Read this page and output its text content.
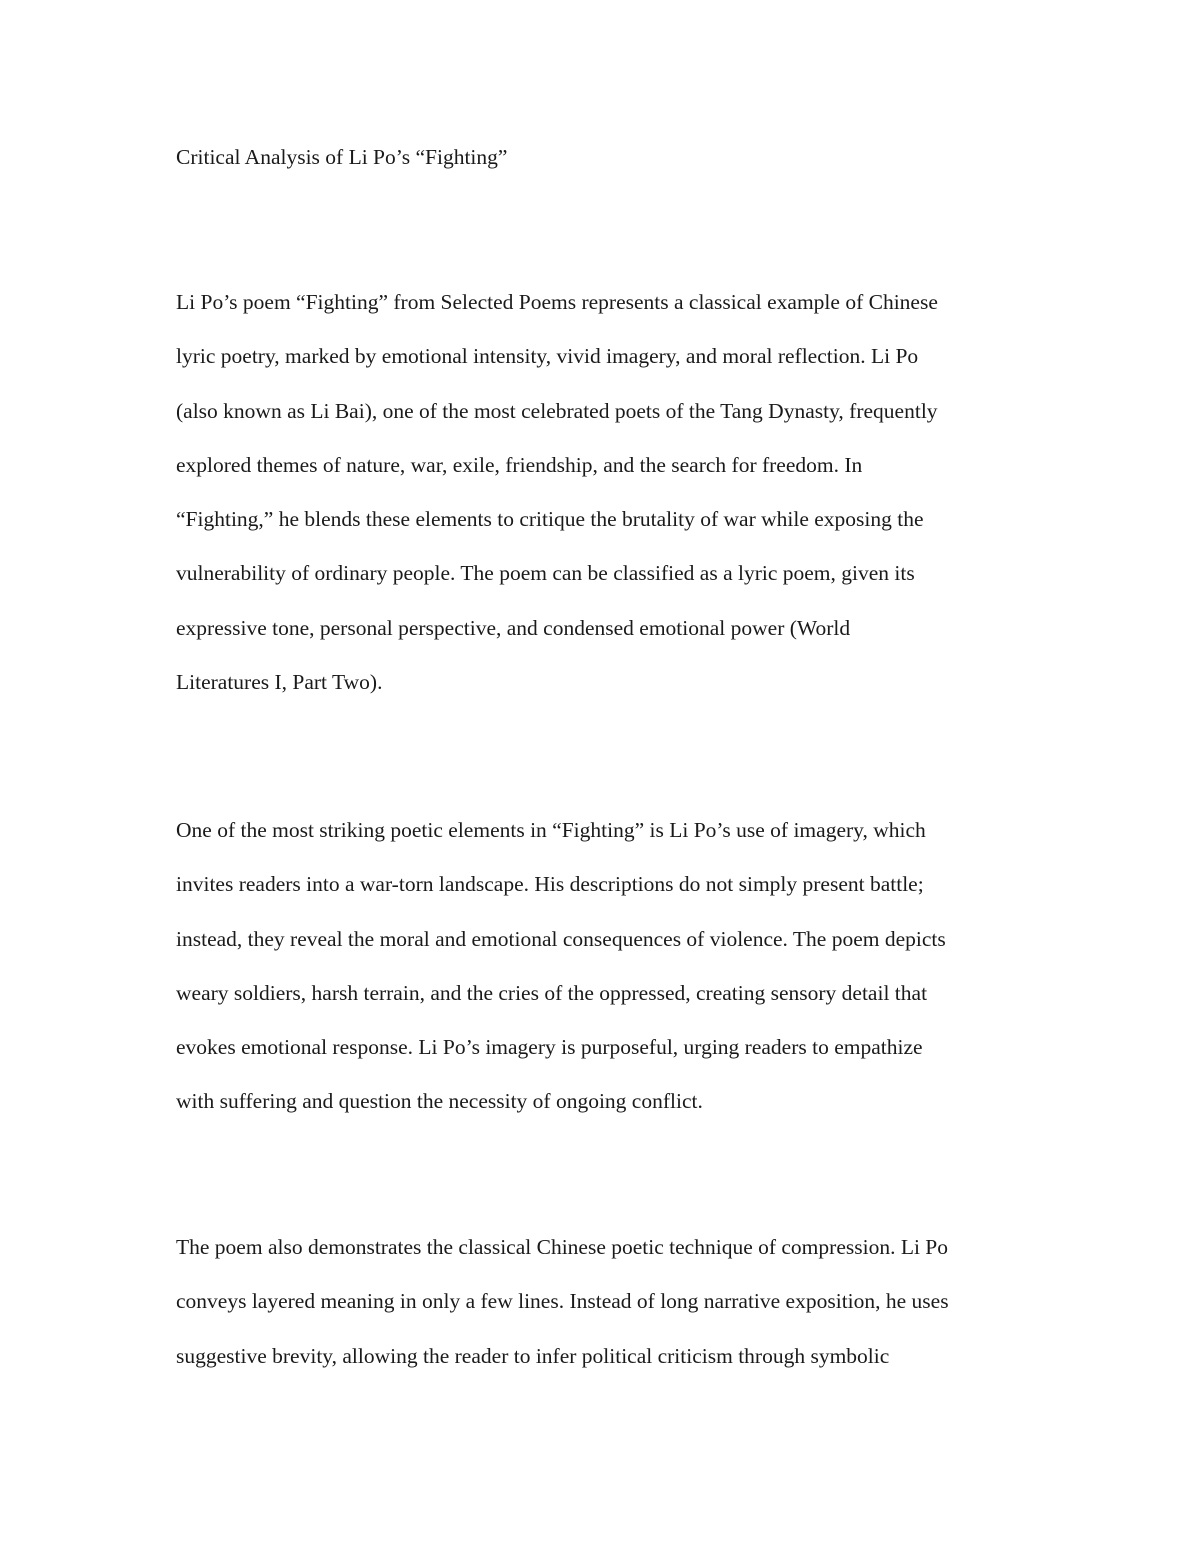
Critical Analysis of Li Po’s “Fighting”

Li Po’s poem “Fighting” from Selected Poems represents a classical example of Chinese
lyric poetry, marked by emotional intensity, vivid imagery, and moral reflection. Li Po
(also known as Li Bai), one of the most celebrated poets of the Tang Dynasty, frequently
explored themes of nature, war, exile, friendship, and the search for freedom. In
“Fighting,” he blends these elements to critique the brutality of war while exposing the
vulnerability of ordinary people. The poem can be classified as a lyric poem, given its
expressive tone, personal perspective, and condensed emotional power (World
Literatures I, Part Two).
One of the most striking poetic elements in “Fighting” is Li Po’s use of imagery, which
invites readers into a war-torn landscape. His descriptions do not simply present battle;
instead, they reveal the moral and emotional consequences of violence. The poem depicts
weary soldiers, harsh terrain, and the cries of the oppressed, creating sensory detail that
evokes emotional response. Li Po’s imagery is purposeful, urging readers to empathize
with suffering and question the necessity of ongoing conflict.
The poem also demonstrates the classical Chinese poetic technique of compression. Li Po
conveys layered meaning in only a few lines. Instead of long narrative exposition, he uses
suggestive brevity, allowing the reader to infer political criticism through symbolic
